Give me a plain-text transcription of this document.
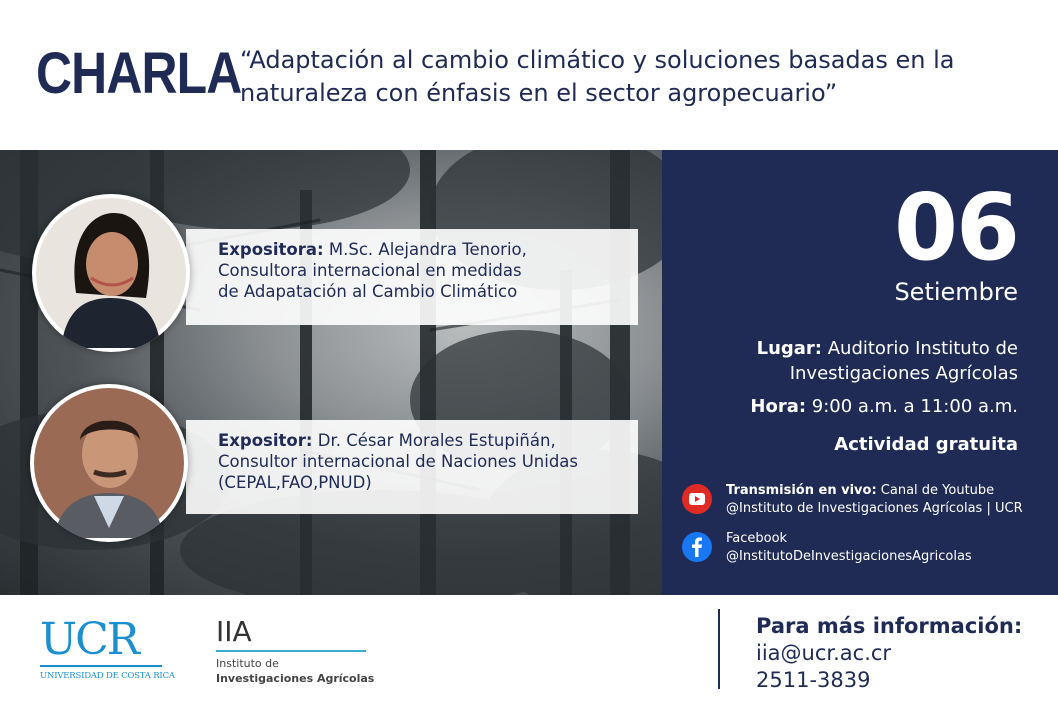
CHARLA
“Adaptación al cambio climático y soluciones basadas en la naturaleza con énfasis en el sector agropecuario”
Expositora: M.Sc. Alejandra Tenorio,
Consultora internacional en medidas
de Adapatación al Cambio Climático
Expositor: Dr. César Morales Estupiñán,
Consultor internacional de Naciones Unidas
(CEPAL,FAO,PNUD)
06
Setiembre
Lugar: Auditorio Instituto de Investigaciones Agrícolas
Hora: 9:00 a.m. a 11:00 a.m.
Actividad gratuita
Transmisión en vivo: Canal de Youtube
@Instituto de Investigaciones Agrícolas | UCR
Facebook
@InstitutoDeInvestigacionesAgricolas
UCR
UNIVERSIDAD DE COSTA RICA
IIA
Instituto de
Investigaciones Agrícolas
Para más información:
iia@ucr.ac.cr
2511-3839
